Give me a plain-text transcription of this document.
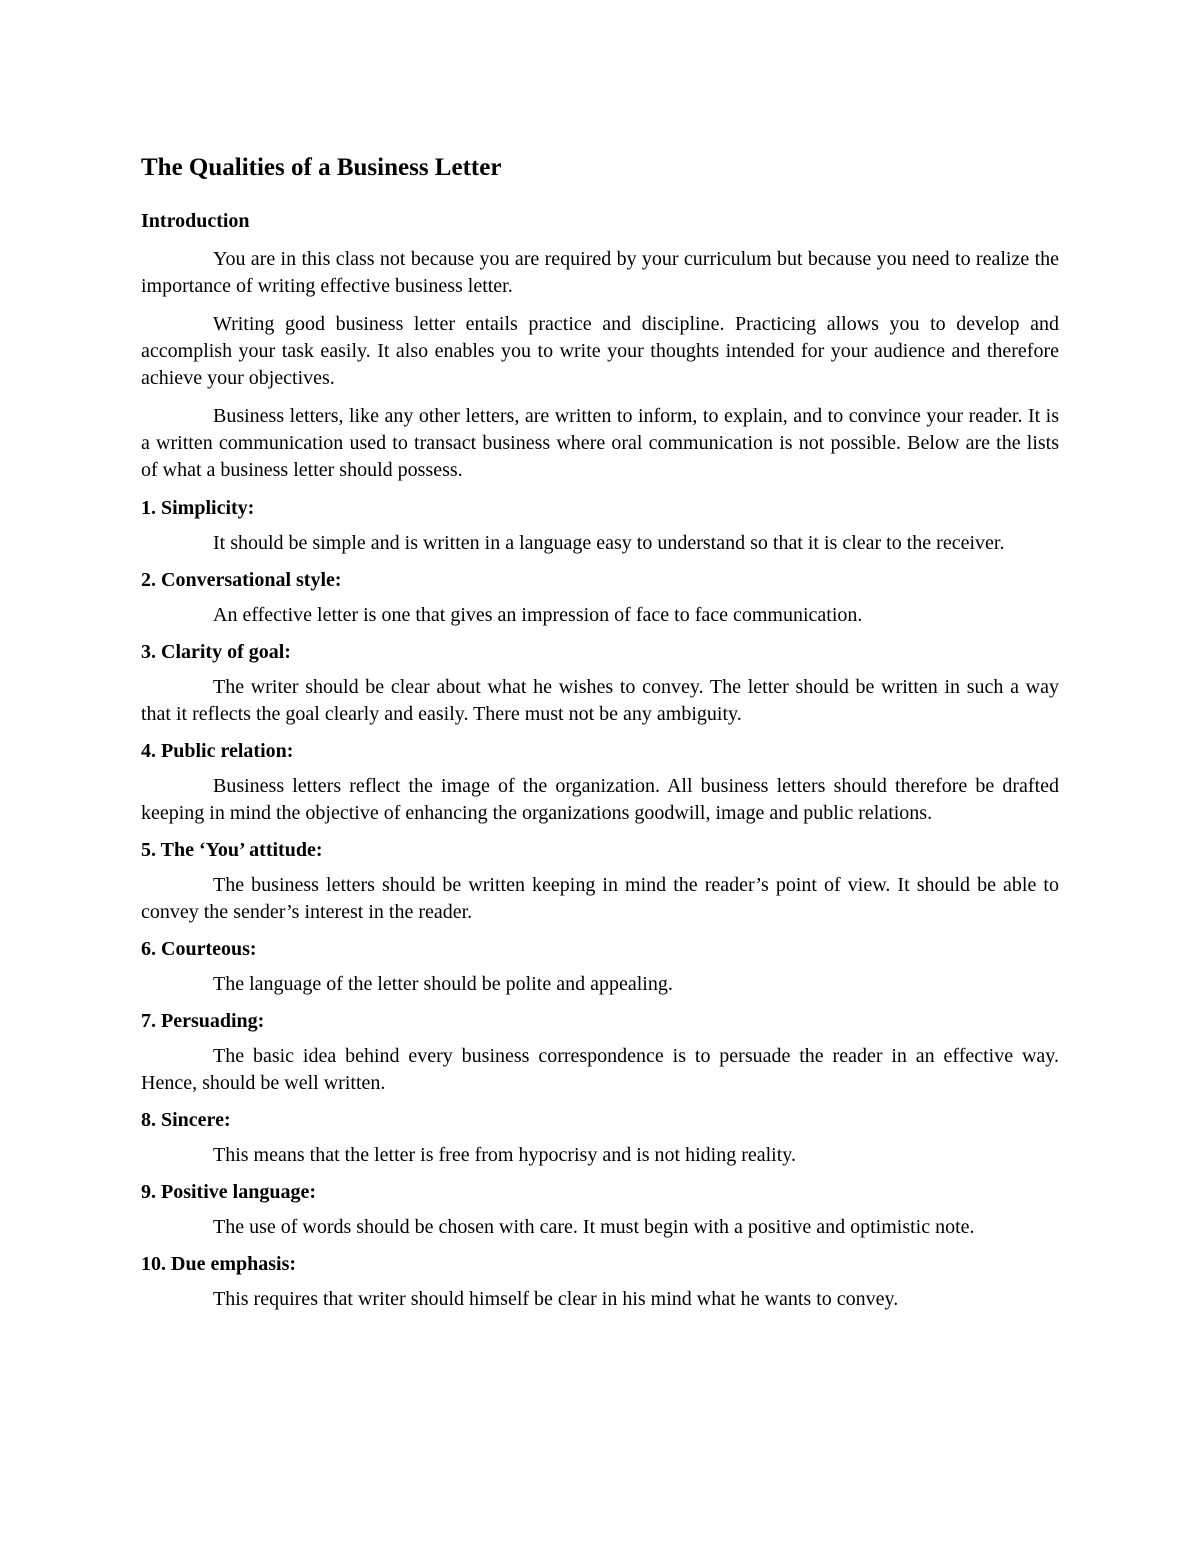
The Qualities of a Business Letter
Introduction

You are in this class not because you are required by your curriculum but because you need to realize the importance of writing effective business letter.

Writing good business letter entails practice and discipline. Practicing allows you to develop and accomplish your task easily. It also enables you to write your thoughts intended for your audience and therefore achieve your objectives.

Business letters, like any other letters, are written to inform, to explain, and to convince your reader. It is a written communication used to transact business where oral communication is not possible. Below are the lists of what a business letter should possess.

1. Simplicity:

It should be simple and is written in a language easy to understand so that it is clear to the receiver.

2. Conversational style:

An effective letter is one that gives an impression of face to face communication.

3. Clarity of goal:

The writer should be clear about what he wishes to convey. The letter should be written in such a way that it reflects the goal clearly and easily. There must not be any ambiguity.

4. Public relation:

Business letters reflect the image of the organization. All business letters should therefore be drafted keeping in mind the objective of enhancing the organizations goodwill, image and public relations.

5. The ‘You’ attitude:

The business letters should be written keeping in mind the reader’s point of view. It should be able to convey the sender’s interest in the reader.

6. Courteous:

The language of the letter should be polite and appealing.

7. Persuading:

The basic idea behind every business correspondence is to persuade the reader in an effective way. Hence, should be well written.

8. Sincere:

This means that the letter is free from hypocrisy and is not hiding reality.

9. Positive language:

The use of words should be chosen with care. It must begin with a positive and optimistic note.

10. Due emphasis:

This requires that writer should himself be clear in his mind what he wants to convey.
